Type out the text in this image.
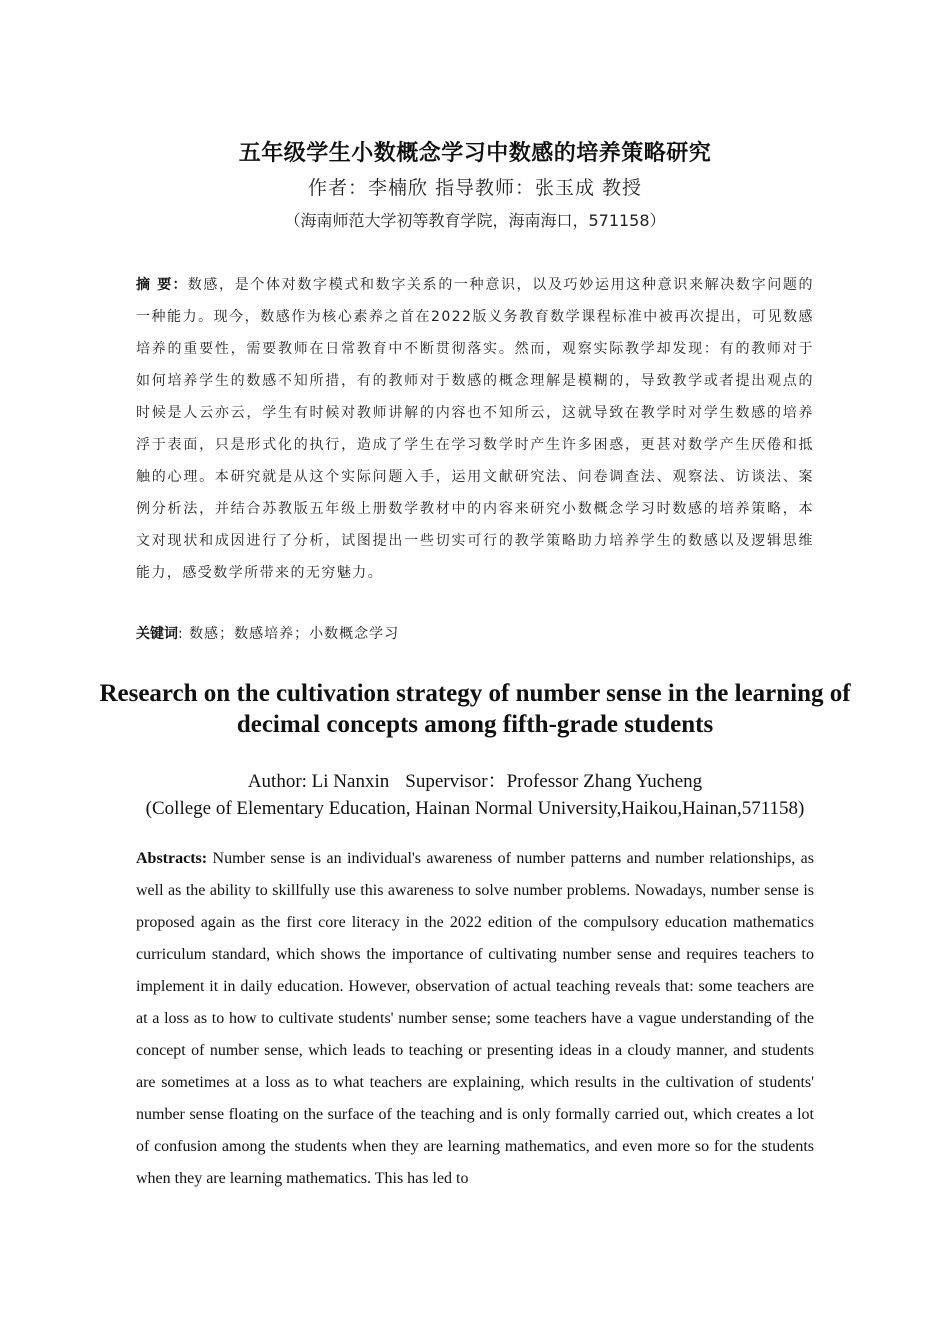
五年级学生小数概念学习中数感的培养策略研究
作者：李楠欣 指导教师：张玉成 教授
（海南师范大学初等教育学院，海南海口，571158）
摘 要：数感，是个体对数字模式和数字关系的一种意识，以及巧妙运用这种意识来解决数字问题的一种能力。现今，数感作为核心素养之首在2022版义务教育数学课程标准中被再次提出，可见数感培养的重要性，需要教师在日常教育中不断贯彻落实。然而，观察实际教学却发现：有的教师对于如何培养学生的数感不知所措，有的教师对于数感的概念理解是模糊的，导致教学或者提出观点的时候是人云亦云，学生有时候对教师讲解的内容也不知所云，这就导致在教学时对学生数感的培养浮于表面，只是形式化的执行，造成了学生在学习数学时产生许多困惑，更甚对数学产生厌倦和抵触的心理。本研究就是从这个实际问题入手，运用文献研究法、问卷调查法、观察法、访谈法、案例分析法，并结合苏教版五年级上册数学教材中的内容来研究小数概念学习时数感的培养策略，本文对现状和成因进行了分析，试图提出一些切实可行的教学策略助力培养学生的数感以及逻辑思维能力，感受数学所带来的无穷魅力。
关键词: 数感；数感培养；小数概念学习
Research on the cultivation strategy of number sense in the learning of decimal concepts among fifth-grade students
Author: Li Nanxin Supervisor：Professor Zhang Yucheng
(College of Elementary Education, Hainan Normal University,Haikou,Hainan,571158)
Abstracts: Number sense is an individual's awareness of number patterns and number relationships, as well as the ability to skillfully use this awareness to solve number problems. Nowadays, number sense is proposed again as the first core literacy in the 2022 edition of the compulsory education mathematics curriculum standard, which shows the importance of cultivating number sense and requires teachers to implement it in daily education. However, observation of actual teaching reveals that: some teachers are at a loss as to how to cultivate students' number sense; some teachers have a vague understanding of the concept of number sense, which leads to teaching or presenting ideas in a cloudy manner, and students are sometimes at a loss as to what teachers are explaining, which results in the cultivation of students' number sense floating on the surface of the teaching and is only formally carried out, which creates a lot of confusion among the students when they are learning mathematics, and even more so for the students when they are learning mathematics. This has led to
